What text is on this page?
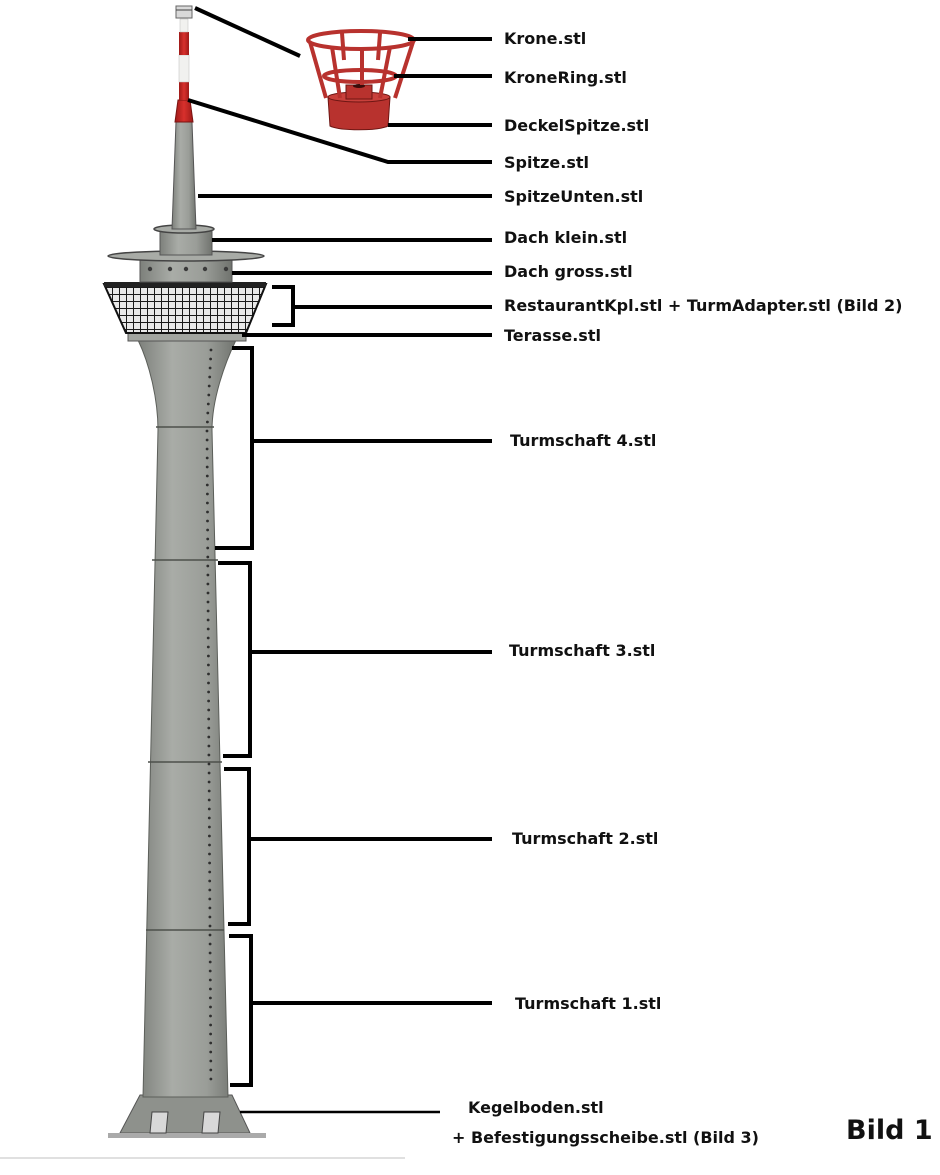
Krone.stl
KroneRing.stl
DeckelSpitze.stl
Spitze.stl
SpitzeUnten.stl
Dach klein.stl
Dach gross.stl
RestaurantKpl.stl + TurmAdapter.stl (Bild 2)
Terasse.stl
Turmschaft 4.stl
Turmschaft 3.stl
Turmschaft 2.stl
Turmschaft 1.stl
Kegelboden.stl
+ Befestigungsscheibe.stl (Bild 3)	Bild 1
